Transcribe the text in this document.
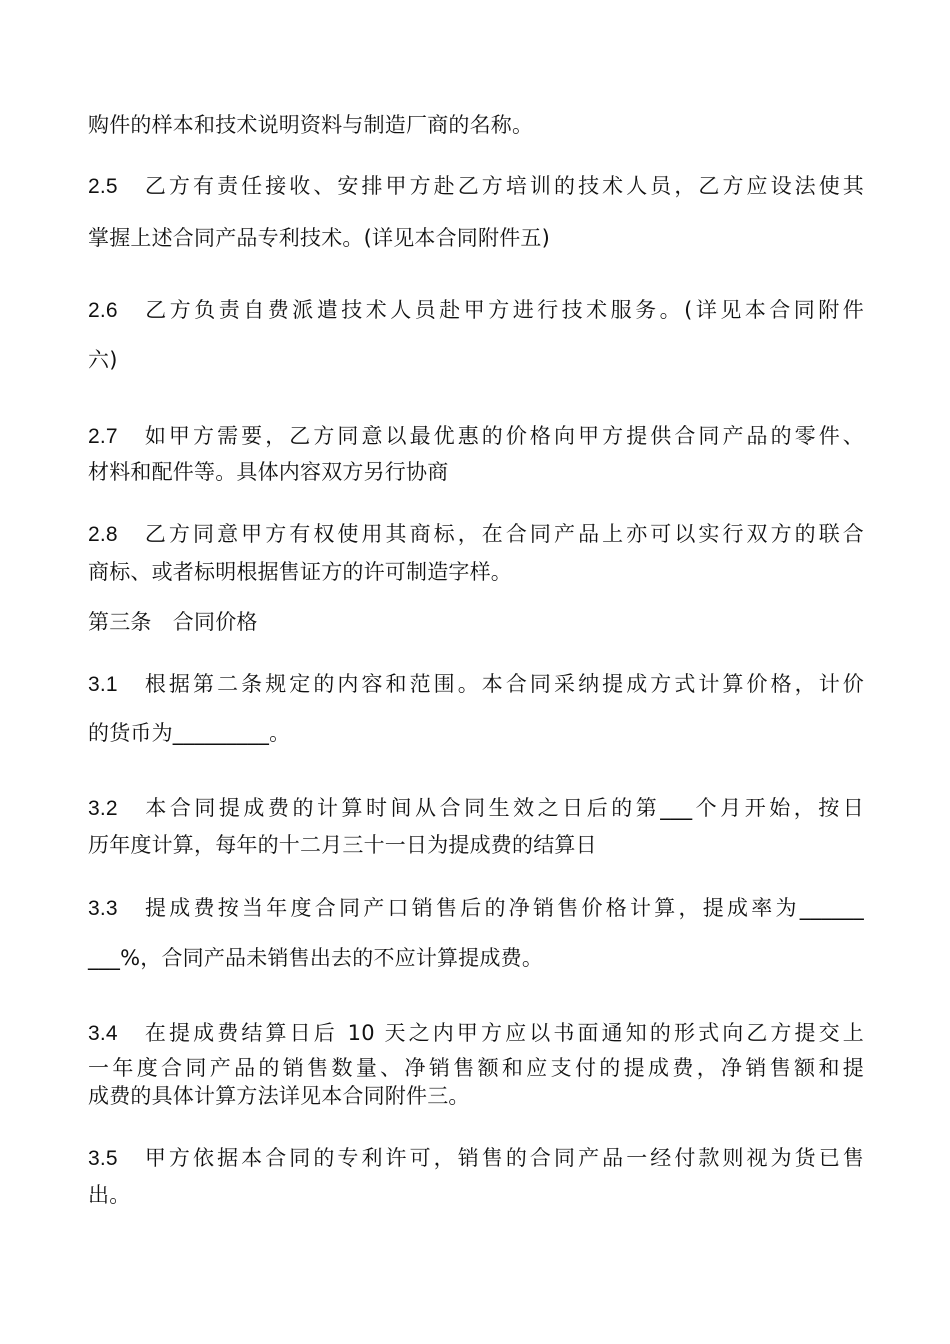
购件的样本和技术说明资料与制造厂商的名称。
2.5 乙方有责任接收、安排甲方赴乙方培训的技术人员，乙方应设法使其
掌握上述合同产品专利技术。(详见本合同附件五)
2.6 乙方负责自费派遣技术人员赴甲方进行技术服务。(详见本合同附件
六)
2.7 如甲方需要，乙方同意以最优惠的价格向甲方提供合同产品的零件、
材料和配件等。具体内容双方另行协商
2.8 乙方同意甲方有权使用其商标，在合同产品上亦可以实行双方的联合
商标、或者标明根据售证方的许可制造字样。
第三条　合同价格
3.1 根据第二条规定的内容和范围。本合同采纳提成方式计算价格，计价
的货币为_________。
3.2 本合同提成费的计算时间从合同生效之日后的第___个月开始，按日
历年度计算，每年的十二月三十一日为提成费的结算日
3.3 提成费按当年度合同产口销售后的净销售价格计算，提成率为______
___%，合同产品未销售出去的不应计算提成费。
3.4 在提成费结算日后 10 天之内甲方应以书面通知的形式向乙方提交上
一年度合同产品的销售数量、净销售额和应支付的提成费，净销售额和提
成费的具体计算方法详见本合同附件三。
3.5 甲方依据本合同的专利许可，销售的合同产品一经付款则视为货已售
出。
